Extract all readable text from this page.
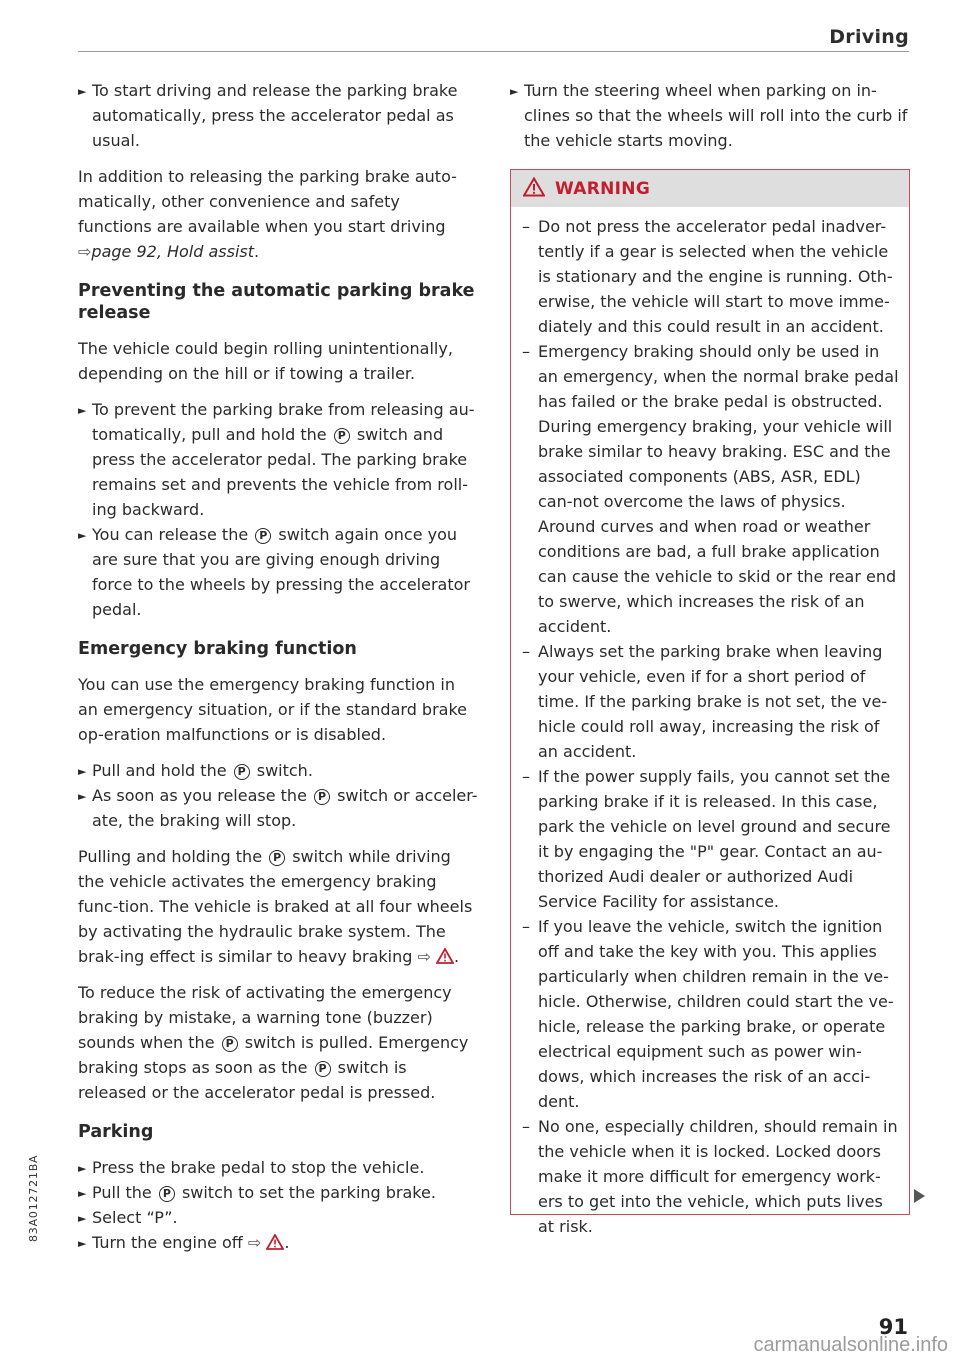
Driving

► To start driving and release the parking brake automatically, press the accelerator pedal as usual.

In addition to releasing the parking brake auto-matically, other convenience and safety functions are available when you start driving ⇨page 92, Hold assist.

Preventing the automatic parking brake release

The vehicle could begin rolling unintentionally, depending on the hill or if towing a trailer.

► To prevent the parking brake from releasing au-tomatically, pull and hold the P switch and press the accelerator pedal. The parking brake remains set and prevents the vehicle from roll-ing backward.

► You can release the P switch again once you are sure that you are giving enough driving force to the wheels by pressing the accelerator pedal.

Emergency braking function

You can use the emergency braking function in an emergency situation, or if the standard brake op-eration malfunctions or is disabled.

► Pull and hold the P switch.

► As soon as you release the P switch or acceler-ate, the braking will stop.

Pulling and holding the P switch while driving the vehicle activates the emergency braking func-tion. The vehicle is braked at all four wheels by activating the hydraulic brake system. The brak-ing effect is similar to heavy braking ⇨ .

To reduce the risk of activating the emergency braking by mistake, a warning tone (buzzer) sounds when the P switch is pulled. Emergency braking stops as soon as the P switch is released or the accelerator pedal is pressed.

Parking

► Press the brake pedal to stop the vehicle.

► Pull the P switch to set the parking brake.

► Select “P”.

► Turn the engine off ⇨ .

► Turn the steering wheel when parking on in-clines so that the wheels will roll into the curb if the vehicle starts moving.

WARNING

– Do not press the accelerator pedal inadver-tently if a gear is selected when the vehicle is stationary and the engine is running. Oth-erwise, the vehicle will start to move imme-diately and this could result in an accident.

– Emergency braking should only be used in an emergency, when the normal brake pedal has failed or the brake pedal is obstructed. During emergency braking, your vehicle will brake similar to heavy braking. ESC and the associated components (ABS, ASR, EDL) can-not overcome the laws of physics. Around curves and when road or weather conditions are bad, a full brake application can cause the vehicle to skid or the rear end to swerve, which increases the risk of an accident.

– Always set the parking brake when leaving your vehicle, even if for a short period of time. If the parking brake is not set, the ve-hicle could roll away, increasing the risk of an accident.

– If the power supply fails, you cannot set the parking brake if it is released. In this case, park the vehicle on level ground and secure it by engaging the "P" gear. Contact an au-thorized Audi dealer or authorized Audi Service Facility for assistance.

– If you leave the vehicle, switch the ignition off and take the key with you. This applies particularly when children remain in the ve-hicle. Otherwise, children could start the ve-hicle, release the parking brake, or operate electrical equipment such as power win-dows, which increases the risk of an acci-dent.

– No one, especially children, should remain in the vehicle when it is locked. Locked doors make it more difficult for emergency work-ers to get into the vehicle, which puts lives at risk.

83A012721BA
91
carmanualsonline.info
